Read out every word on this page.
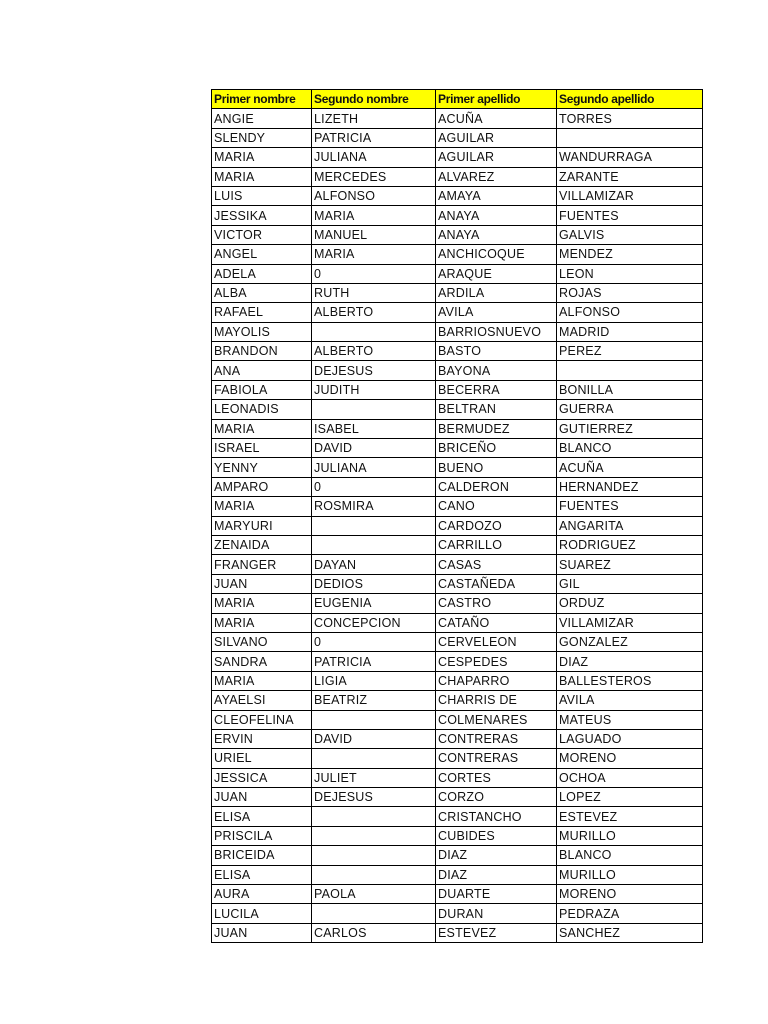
Primer nombre	Segundo nombre	Primer apellido	Segundo apellido
ANGIE	LIZETH	ACUÑA	TORRES
SLENDY	PATRICIA	AGUILAR	
MARIA	JULIANA	AGUILAR	WANDURRAGA
MARIA	MERCEDES	ALVAREZ	ZARANTE
LUIS	ALFONSO	AMAYA	VILLAMIZAR
JESSIKA	MARIA	ANAYA	FUENTES
VICTOR	MANUEL	ANAYA	GALVIS
ANGEL	MARIA	ANCHICOQUE	MENDEZ
ADELA	0	ARAQUE	LEON
ALBA	RUTH	ARDILA	ROJAS
RAFAEL	ALBERTO	AVILA	ALFONSO
MAYOLIS		BARRIOSNUEVO	MADRID
BRANDON	ALBERTO	BASTO	PEREZ
ANA	DEJESUS	BAYONA	
FABIOLA	JUDITH	BECERRA	BONILLA
LEONADIS		BELTRAN	GUERRA
MARIA	ISABEL	BERMUDEZ	GUTIERREZ
ISRAEL	DAVID	BRICEÑO	BLANCO
YENNY	JULIANA	BUENO	ACUÑA
AMPARO	0	CALDERON	HERNANDEZ
MARIA	ROSMIRA	CANO	FUENTES
MARYURI		CARDOZO	ANGARITA
ZENAIDA		CARRILLO	RODRIGUEZ
FRANGER	DAYAN	CASAS	SUAREZ
JUAN	DEDIOS	CASTAÑEDA	GIL
MARIA	EUGENIA	CASTRO	ORDUZ
MARIA	CONCEPCION	CATAÑO	VILLAMIZAR
SILVANO	0	CERVELEON	GONZALEZ
SANDRA	PATRICIA	CESPEDES	DIAZ
MARIA	LIGIA	CHAPARRO	BALLESTEROS
AYAELSI	BEATRIZ	CHARRIS DE	AVILA
CLEOFELINA		COLMENARES	MATEUS
ERVIN	DAVID	CONTRERAS	LAGUADO
URIEL		CONTRERAS	MORENO
JESSICA	JULIET	CORTES	OCHOA
JUAN	DEJESUS	CORZO	LOPEZ
ELISA		CRISTANCHO	ESTEVEZ
PRISCILA		CUBIDES	MURILLO
BRICEIDA		DIAZ	BLANCO
ELISA		DIAZ	MURILLO
AURA	PAOLA	DUARTE	MORENO
LUCILA		DURAN	PEDRAZA
JUAN	CARLOS	ESTEVEZ	SANCHEZ
